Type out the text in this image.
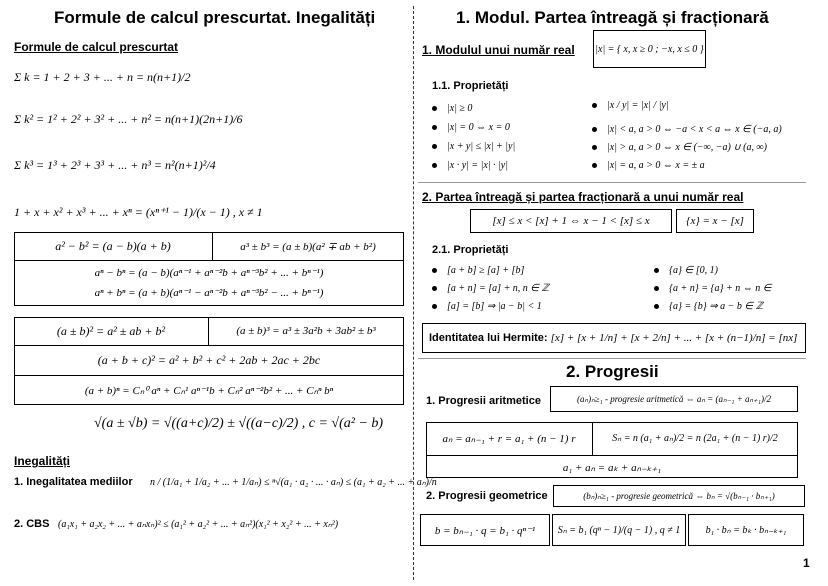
Formule de calcul prescurtat. Inegalități
Formule de calcul prescurtat
Σ k = 1 + 2 + 3 + ... + n = n(n+1)/2
Σ k² = 1² + 2² + 3² + ... + n² = n(n+1)(2n+1)/6
Σ k³ = 1³ + 2³ + 3³ + ... + n³ = n²(n+1)²/4
1 + x + x² + x³ + ... + xⁿ = (xⁿ⁺¹ − 1)/(x − 1) , x ≠ 1
a² − b² = (a − b)(a + b)	a³ ± b³ = (a ± b)(a² ∓ ab + b²)
aⁿ − bⁿ = (a − b)(aⁿ⁻¹ + aⁿ⁻²b + aⁿ⁻³b² + ... + bⁿ⁻¹)
aⁿ + bⁿ = (a + b)(aⁿ⁻¹ − aⁿ⁻²b + aⁿ⁻³b² − ... + bⁿ⁻¹)
(a ± b)² = a² ± ab + b²	(a ± b)³ = a³ ± 3a²b + 3ab² ± b³
(a + b + c)² = a² + b² + c² + 2ab + 2ac + 2bc
(a + b)ⁿ = Cₙ⁰ aⁿ + Cₙ¹ aⁿ⁻¹b + Cₙ² aⁿ⁻²b² + ... + Cₙⁿ bⁿ
√(a ± √b) = √((a+c)/2) ± √((a−c)/2) , c = √(a² − b)
Inegalități
1. Inegalitatea mediilor n / (1/a₁ + 1/a₂ + ... + 1/aₙ) ≤ ⁿ√(a₁ · a₂ · ... · aₙ) ≤ (a₁ + a₂ + ... + aₙ)/n
2. CBS (a₁x₁ + a₂x₂ + ... + aₙxₙ)² ≤ (a₁² + a₂² + ... + aₙ²)(x₁² + x₂² + ... + xₙ²)
1. Modul. Partea întreagă și fracționară
1. Modulul unui număr real |x| = { x, x ≥ 0 ; −x, x ≤ 0 }
1.1. Proprietăți
|x| ≥ 0
|x| = 0 ⇔ x = 0
|x + y| ≤ |x| + |y|
|x · y| = |x| · |y|
|x / y| = |x| / |y|
|x| < a, a > 0 ⇔ −a < x < a ⇔ x ∈ (−a, a)
|x| > a, a > 0 ⇔ x ∈ (−∞, −a) ∪ (a, ∞)
|x| = a, a > 0 ⇔ x = ± a
2. Partea întreagă și partea fracționară a unui număr real
[x] ≤ x < [x] + 1 ⇔ x − 1 < [x] ≤ x	{x} = x − [x]
2.1. Proprietăți
[a + b] ≥ [a] + [b]
[a + n] = [a] + n, n ∈ ℤ
[a] = [b] ⇒ |a − b| < 1
{a} ∈ [0, 1)
{a + n} = {a} + n ⇔ n ∈
{a} = {b} ⇒ a − b ∈ ℤ
Identitatea lui Hermite : [x] + [x + 1/n] + [x + 2/n] + ... + [x + (n−1)/n] = [nx]
2. Progresii
1. Progresii aritmetice	(aₙ)ₙ≥₁ - progresie aritmetică ⇔ aₙ = (aₙ₋₁ + aₙ₊₁)/2
aₙ = aₙ₋₁ + r = a₁ + (n − 1) r	Sₙ = n (a₁ + aₙ)/2 = n (2a₁ + (n − 1) r)/2
a₁ + aₙ = aₖ + aₙ₋ₖ₊₁
2. Progresii geometrice	(bₙ)ₙ≥₁ - progresie geometrică ⇔ bₙ = √(bₙ₋₁ · bₙ₊₁)
b = bₙ₋₁ · q = b₁ · qⁿ⁻¹	Sₙ = b₁ (qⁿ − 1)/(q − 1) , q ≠ 1	b₁ · bₙ = bₖ · bₙ₋ₖ₊₁
1
